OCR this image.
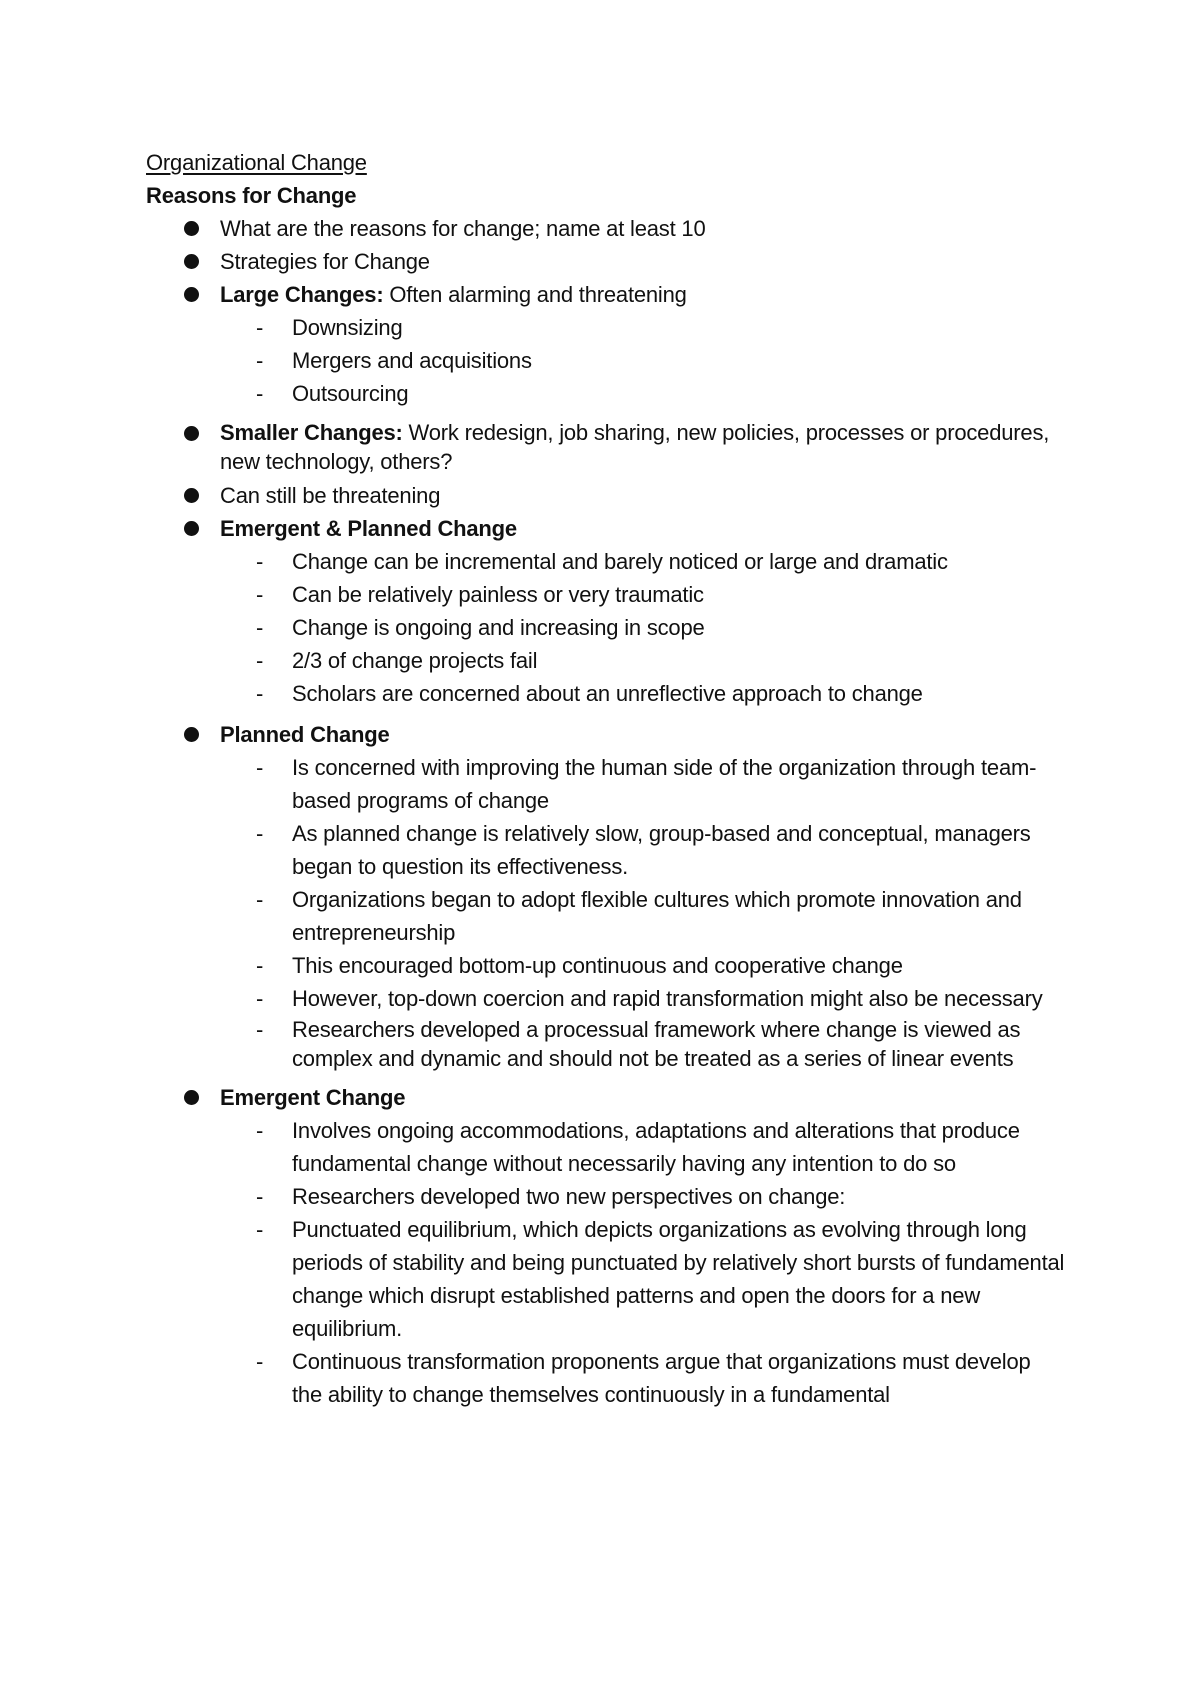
Organizational Change
Reasons for Change
What are the reasons for change; name at least 10
Strategies for Change
Large Changes: Often alarming and threatening
- Downsizing
- Mergers and acquisitions
- Outsourcing
Smaller Changes: Work redesign, job sharing, new policies, processes or procedures, new technology, others?
Can still be threatening
Emergent & Planned Change
- Change can be incremental and barely noticed or large and dramatic
- Can be relatively painless or very traumatic
- Change is ongoing and increasing in scope
- 2/3 of change projects fail
- Scholars are concerned about an unreflective approach to change
Planned Change
- Is concerned with improving the human side of the organization through team-based programs of change
- As planned change is relatively slow, group-based and conceptual, managers began to question its effectiveness.
- Organizations began to adopt flexible cultures which promote innovation and entrepreneurship
- This encouraged bottom-up continuous and cooperative change
- However, top-down coercion and rapid transformation might also be necessary
- Researchers developed a processual framework where change is viewed as complex and dynamic and should not be treated as a series of linear events
Emergent Change
- Involves ongoing accommodations, adaptations and alterations that produce fundamental change without necessarily having any intention to do so
- Researchers developed two new perspectives on change:
- Punctuated equilibrium, which depicts organizations as evolving through long periods of stability and being punctuated by relatively short bursts of fundamental change which disrupt established patterns and open the doors for a new equilibrium.
- Continuous transformation proponents argue that organizations must develop the ability to change themselves continuously in a fundamental
